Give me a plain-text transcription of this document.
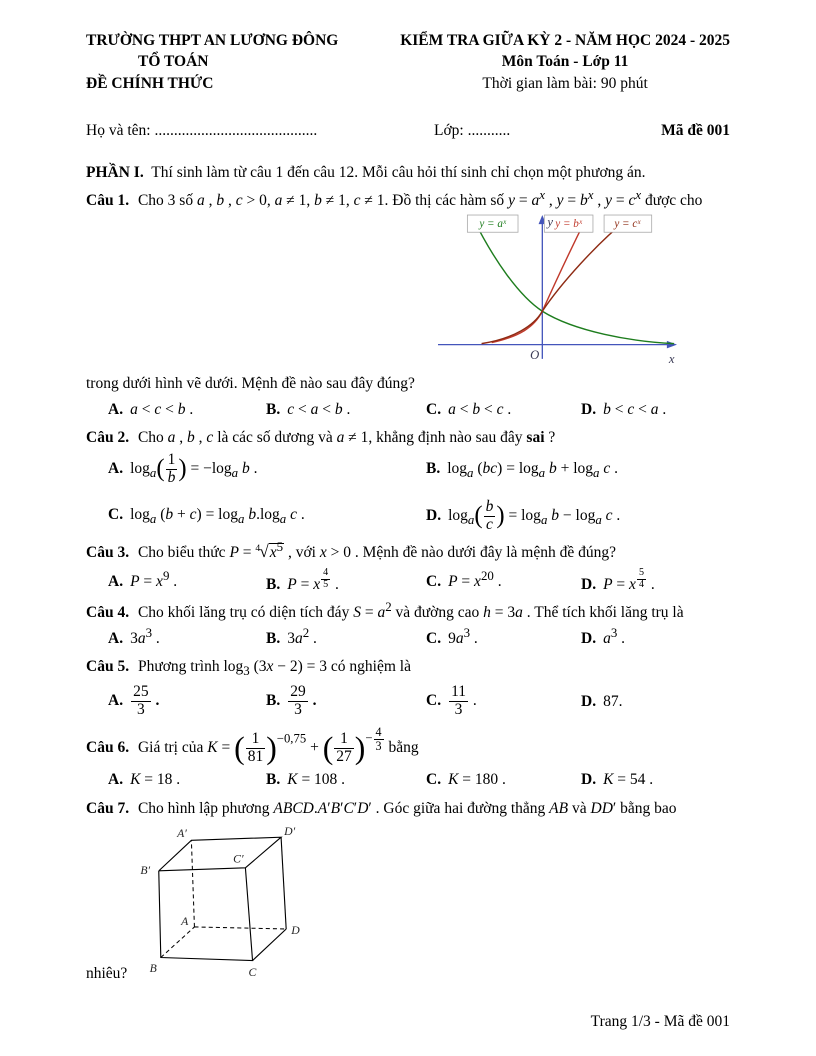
TRƯỜNG THPT AN LƯƠNG ĐÔNG
TỔ TOÁN
ĐỀ CHÍNH THỨC
KIỂM TRA GIỮA KỲ 2 - NĂM HỌC 2024 - 2025
Môn Toán - Lớp 11
Thời gian làm bài: 90 phút
Họ và tên: ..........................................	Lớp: ...........	Mã đề 001

PHẦN I. Thí sinh làm từ câu 1 đến câu 12. Mỗi câu hỏi thí sinh chỉ chọn một phương án.

Câu 1. Cho 3 số a , b , c > 0, a ≠ 1, b ≠ 1, c ≠ 1. Đồ thị các hàm số $y = a^x$ , $y = b^x$ , $y = c^x$ được cho

y = aˣ	y = bˣ	y = cˣ
y
x
O

trong dưới hình vẽ dưới. Mệnh đề nào sau đây đúng?

A. a < c < b .	B. c < a < b .	C. a < b < c .	D. b < c < a .

Câu 2. Cho a , b , c là các số dương và a ≠ 1, khẳng định nào sau đây sai ?

A. $\log_a( \frac{1}{b}$ ) = $-\log_a$ b .	B. $\log_a (bc) = \log_a b + \log_a c$ .
C. $\log_a (b + c) = \log_a b.\log_a$ c .	D. $\log_a( \frac{b}{c}$ ) = $\log_a b - \log_a c$ .

Câu 3. Cho biểu thức $P = ^4√x^5$ , với x > 0 . Mệnh đề nào dưới đây là mệnh đề đúng?

A. $P = x^9$ .	B. P = x $^{\frac{4}{5}}$ .	C. $P = x^{20}$ .	D. P = x $^{\frac{5}{4}}$ .

Câu 4. Cho khối lăng trụ có diện tích đáy $S = a^2$ và đường cao h = 3a . Thể tích khối lăng trụ là

A. $3a^3$ .	B. $3a^2$ .	C. $9a^3$ .	D. $a^3$ .

Câu 5. Phương trình $\log_3 (3x - 2) = 3$ có nghiệm là

A. $\frac{25}{3}$ .	B. $\frac{29}{3}$ .	C. $\frac{11}{3}$ .	D. 87.

Câu 6. Giá trị của K = ( $\frac{1}{81} )^{-0,75}$ + ( $\frac{1}{27} )^{- \frac{4}{3}}$ bằng

A. K = 18 .	B. K = 108 .	C. K = 180 .	D. K = 54 .

Câu 7. Cho hình lập phương ABCD.A′B′C′D′ . Góc giữa hai đường thẳng AB và DD′ bằng bao

A′	D′
B′
C′
A
D
B	C

nhiêu?

Trang 1/3 - Mã đề 001
